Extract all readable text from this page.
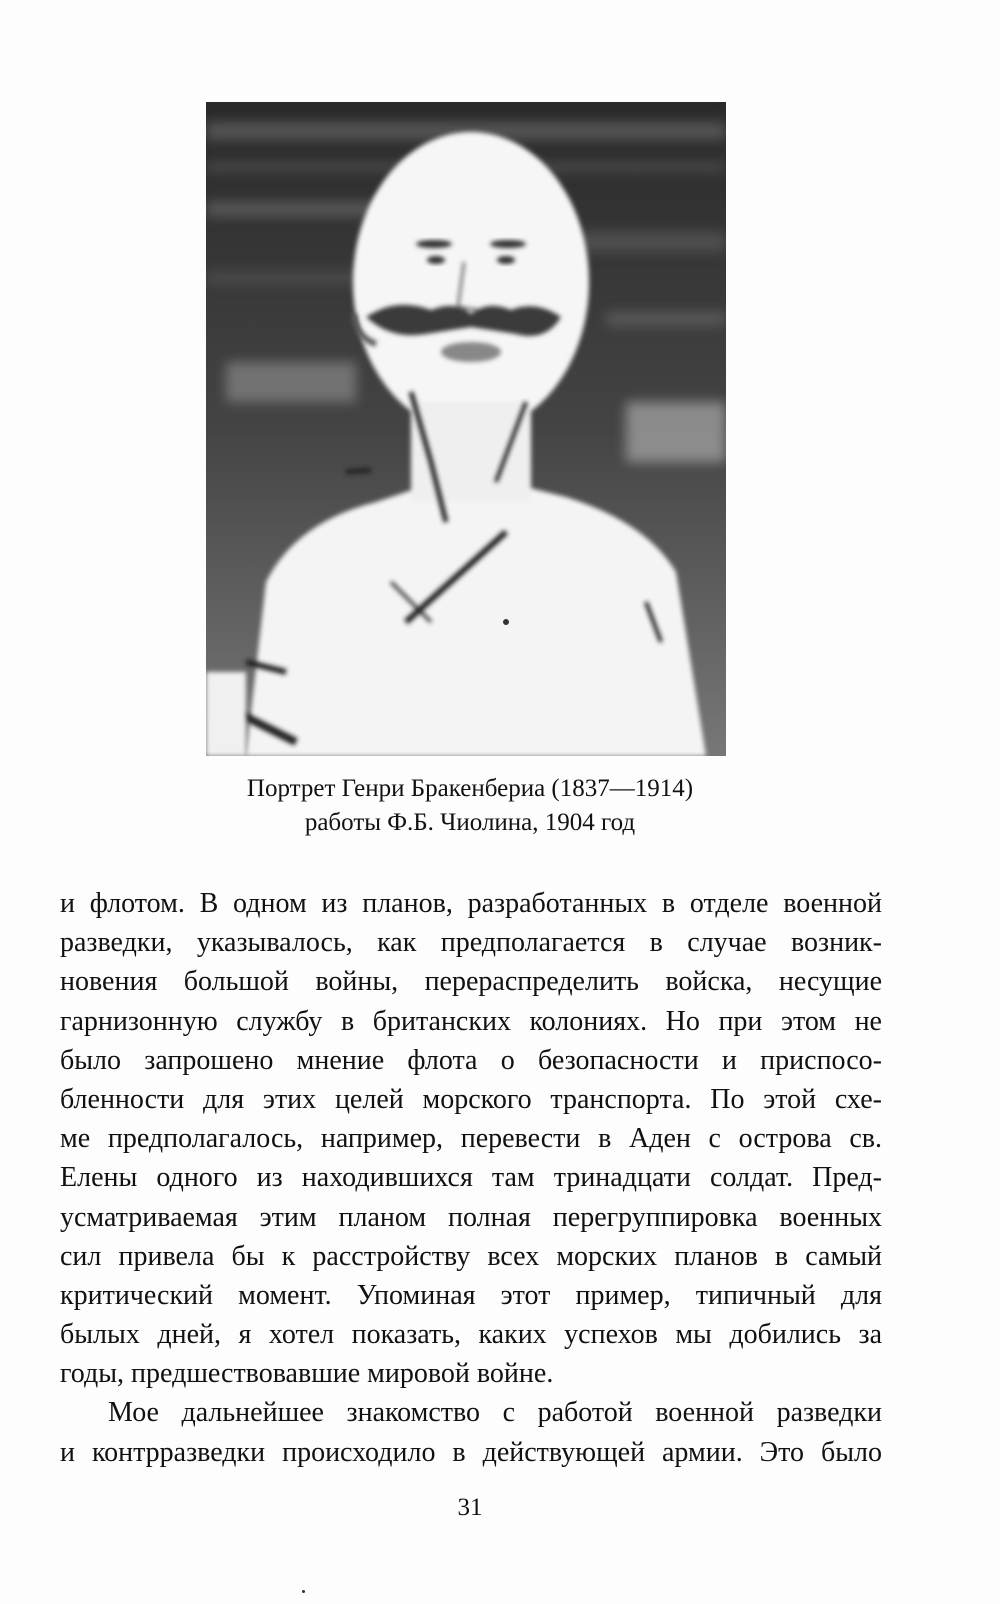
Портрет Генри Бракенбериа (1837—1914)
работы Ф.Б. Чиолина, 1904 год
и флотом. В одном из планов, разработанных в отделе военной
разведки, указывалось, как предполагается в случае возник-
новения большой войны, перераспределить войска, несущие
гарнизонную службу в британских колониях. Но при этом не
было запрошено мнение флота о безопасности и приспосо-
бленности для этих целей морского транспорта. По этой схе-
ме предполагалось, например, перевести в Аден с острова св.
Елены одного из находившихся там тринадцати солдат. Пред-
усматриваемая этим планом полная перегруппировка военных
сил привела бы к расстройству всех морских планов в самый
критический момент. Упоминая этот пример, типичный для
былых дней, я хотел показать, каких успехов мы добились за
годы, предшествовавшие мировой войне.
Мое дальнейшее знакомство с работой военной разведки
и контрразведки происходило в действующей армии. Это было
31
